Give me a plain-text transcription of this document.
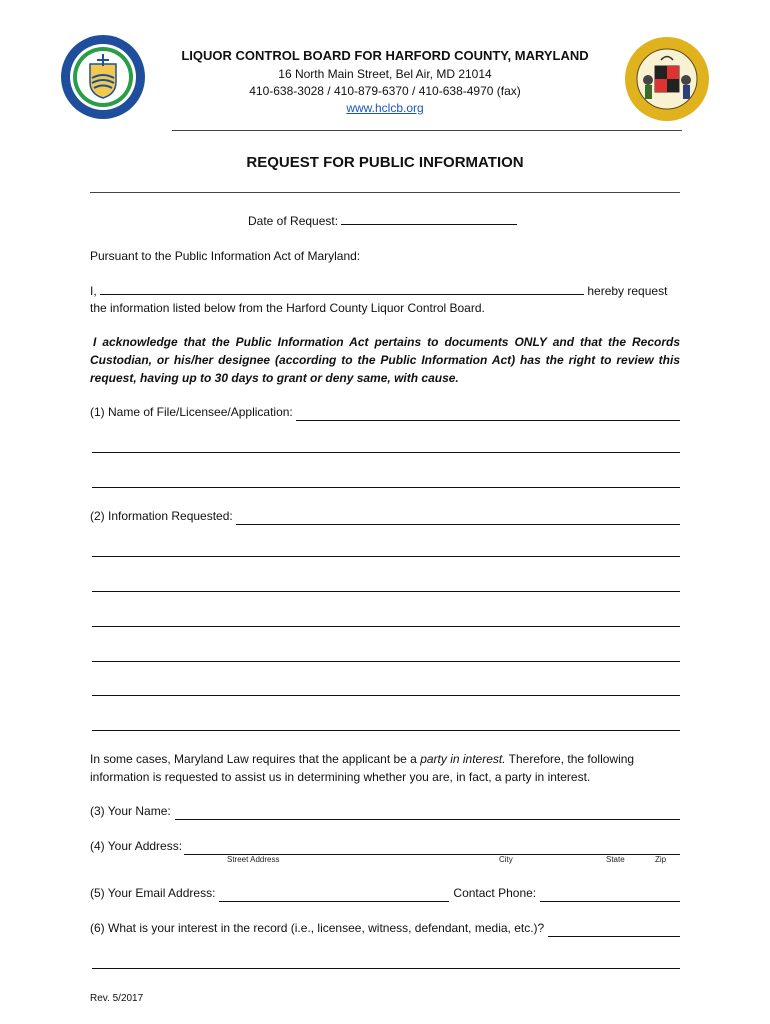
LIQUOR CONTROL BOARD FOR HARFORD COUNTY, MARYLAND
16 North Main Street, Bel Air, MD 21014
410-638-3028 / 410-879-6370 / 410-638-4970 (fax)
www.hclcb.org
REQUEST FOR PUBLIC INFORMATION
Date of Request:
Pursuant to the Public Information Act of Maryland:
I,	hereby request
the information listed below from the Harford County Liquor Control Board.
I acknowledge that the Public Information Act pertains to documents ONLY and that the Records Custodian, or his/her designee (according to the Public Information Act) has the right to review this request, having up to 30 days to grant or deny same, with cause.
(1) Name of File/Licensee/Application:
(2) Information Requested:
In some cases, Maryland Law requires that the applicant be a party in interest. Therefore, the following information is requested to assist us in determining whether you are, in fact, a party in interest.
(3) Your Name:
(4) Your Address:
Street Address	City	State	Zip
(5) Your Email Address:	Contact Phone:
(6) What is your interest in the record (i.e., licensee, witness, defendant, media, etc.)?
Rev. 5/2017
